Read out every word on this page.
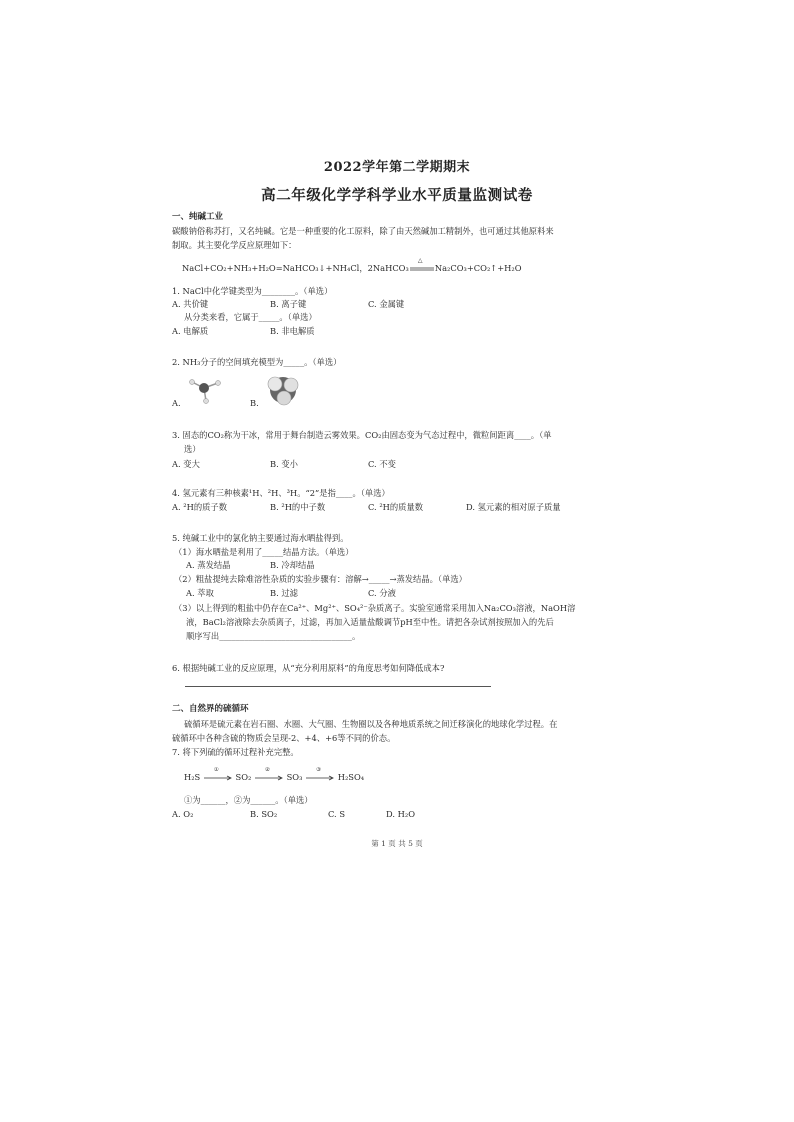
2022学年第二学期期末
高二年级化学学科学业水平质量监测试卷
一、纯碱工业
碳酸钠俗称苏打，又名纯碱。它是一种重要的化工原料，除了由天然碱加工精制外，也可通过其他原料来
制取。其主要化学反应原理如下：
NaCl+CO₂+NH₃+H₂O=NaHCO₃↓+NH₄Cl，2NaHCO₃
△
Na₂CO₃+CO₂↑+H₂O
1. NaCl中化学键类型为________。（单选）
A. 共价键	B. 离子键	C. 金属键
从分类来看，它属于_____。（单选）
A. 电解质	B. 非电解质
2. NH₃分子的空间填充模型为_____。（单选）
A.	B.
3. 固态的CO₂称为干冰，常用于舞台制造云雾效果。CO₂由固态变为气态过程中，微粒间距离____。（单
选）
A. 变大	B. 变小	C. 不变
4. 氢元素有三种核素¹H、²H、³H。“2”是指____。（单选）
A. ²H的质子数	B. ²H的中子数	C. ²H的质量数	D. 氢元素的相对原子质量
5. 纯碱工业中的氯化钠主要通过海水晒盐得到。
（1）海水晒盐是利用了_____结晶方法。（单选）
A. 蒸发结晶	B. 冷却结晶
（2）粗盐提纯去除难溶性杂质的实验步骤有：溶解→_____→蒸发结晶。（单选）
A. 萃取	B. 过滤	C. 分液
（3）以上得到的粗盐中仍存在Ca²⁺、Mg²⁺、SO₄²⁻杂质离子。实验室通常采用加入Na₂CO₃溶液，NaOH溶
液，BaCl₂溶液除去杂质离子，过滤，再加入适量盐酸调节pH至中性。请把各杂试剂按照加入的先后
顺序写出________________________________。
6. 根据纯碱工业的反应原理，从“充分利用原料”的角度思考如何降低成本?
二、自然界的硫循环
硫循环是硫元素在岩石圈、水圈、大气圈、生物圈以及各种地质系统之间迁移演化的地球化学过程。在
硫循环中各种含硫的物质会呈现-2、+4、+6等不同的价态。
7. 将下列硫的循环过程补充完整。
H₂S
①
SO₂
②
SO₃
③
H₂SO₄
①为______，②为______。（单选）
A. O₂	B. SO₂	C. S	D. H₂O
第 1 页 共 5 页
